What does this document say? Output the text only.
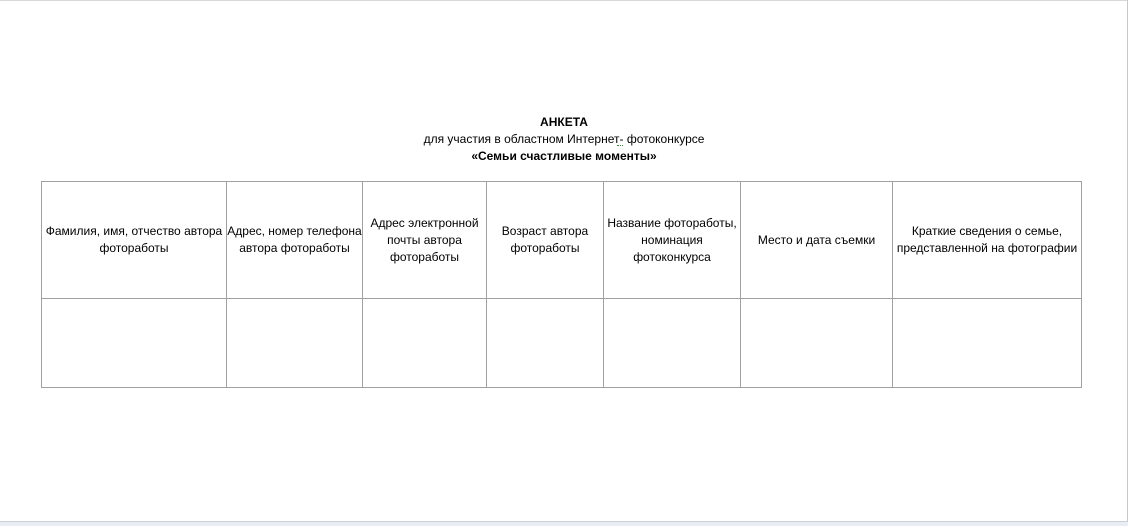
АНКЕТА
для участия в областном Интернет- фотоконкурсе
«Семьи счастливые моменты»
Фамилия, имя, отчество автора фотоработы	Адрес, номер телефона автора фотоработы	Адрес электронной почты автора фотоработы	Возраст автора фотоработы	Название фотоработы, номинация фотоконкурса	Место и дата съемки	Краткие сведения о семье, представленной на фотографии
